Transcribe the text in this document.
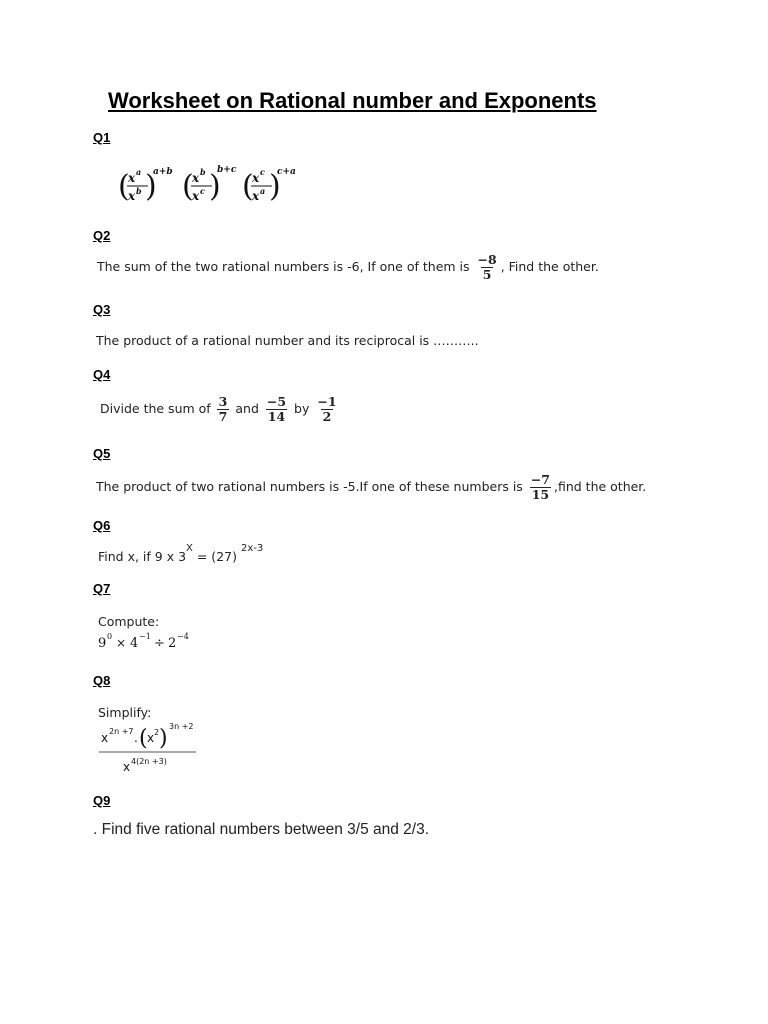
Worksheet on Rational number and Exponents
Q1
(
x a
x b )
a+b (
x b
x c )
b+c (
x c
x a )
c+a
Q2
The sum of the two rational numbers is -6, If one of them is $\frac{-8}{5}$ , Find the other.
Q3
The product of a rational number and its reciprocal is ………..
Q4
Divide the sum of $\frac{3}{7}$ and $\frac{-5}{14}$ by $\frac{-1}{2}$
Q5
The product of two rational numbers is -5.If one of these numbers is $\frac{-7}{15}$ ,find the other.
Q6
Find x, if 9 x $3^X = (27)$ $^{2x-3}$
Q7
Compute:
9 0 × 4 −1 ÷ 2 −4
Q8
Simplify:
x 2n +7 . ( x 2 ) 3n +2
x 4(2n +3)
Q9
. Find five rational numbers between 3/5 and 2/3.
